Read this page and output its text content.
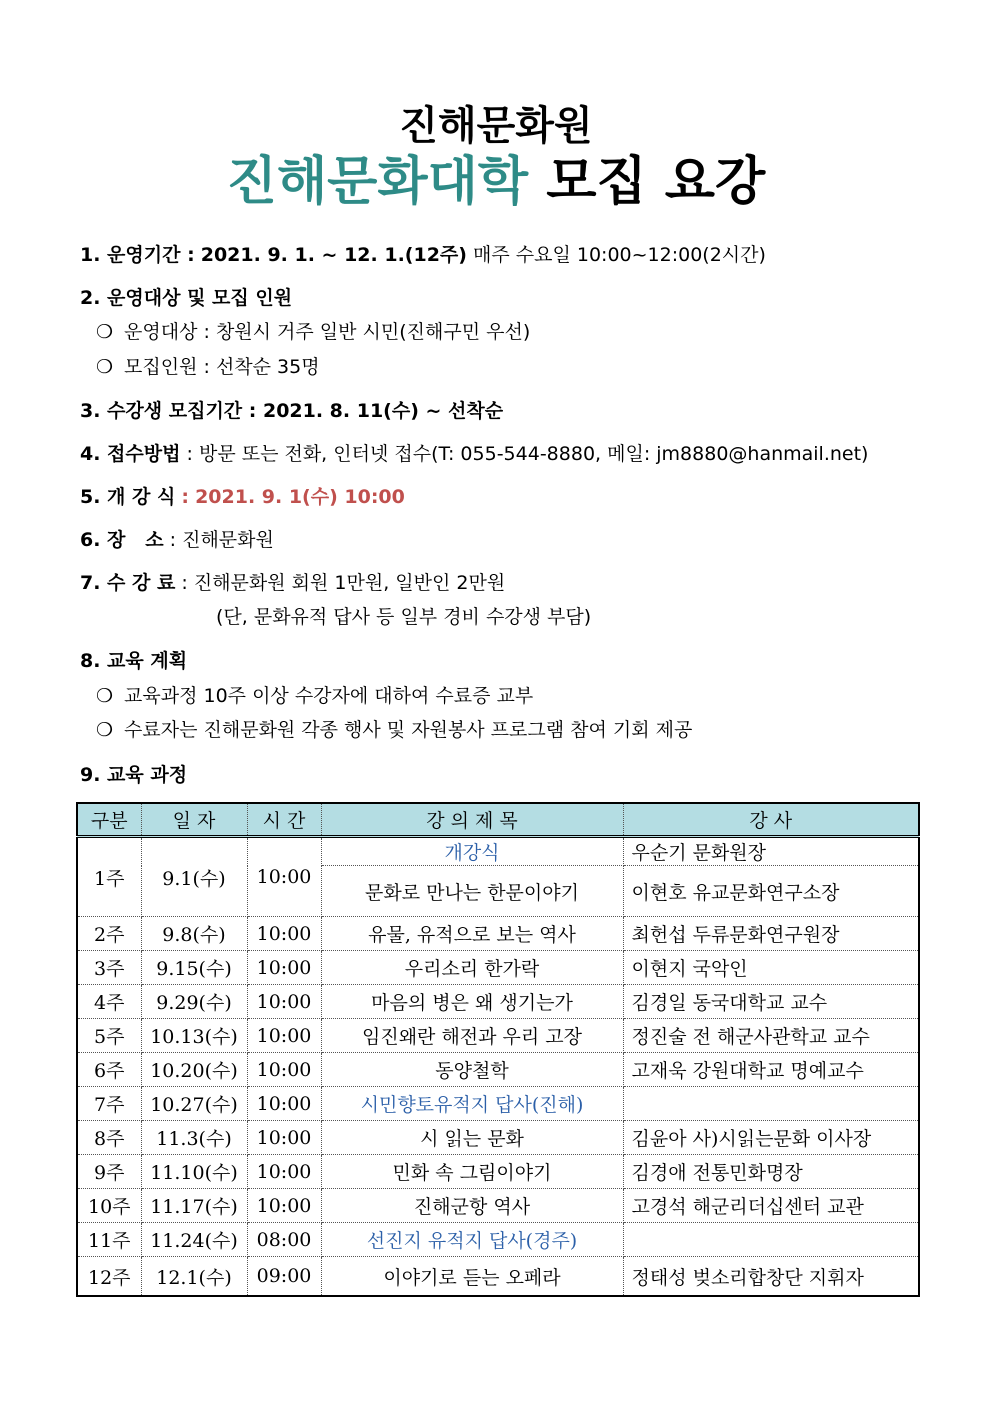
진해문화원
진해문화대학 모집 요강
1. 운영기간 : 2021. 9. 1. ~ 12. 1.(12주) 매주 수요일 10:00~12:00(2시간)
2. 운영대상 및 모집 인원
❍ 운영대상 : 창원시 거주 일반 시민(진해구민 우선)
❍ 모집인원 : 선착순 35명
3. 수강생 모집기간 : 2021. 8. 11(수) ~ 선착순
4. 접수방법 : 방문 또는 전화, 인터넷 접수(T: 055-544-8880, 메일: jm8880@hanmail.net)
5. 개 강 식 : 2021. 9. 1(수) 10:00
6. 장   소 : 진해문화원
7. 수 강 료 : 진해문화원 회원 1만원, 일반인 2만원
(단, 문화유적 답사 등 일부 경비 수강생 부담)
8. 교육 계획
❍ 교육과정 10주 이상 수강자에 대하여 수료증 교부
❍ 수료자는 진해문화원 각종 행사 및 자원봉사 프로그램 참여 기회 제공
9. 교육 과정
구분	일 자	시 간	강 의 제 목	강 사
1주	9.1(수)	10:00	개강식	우순기 문화원장
			문화로 만나는 한문이야기	이현호 유교문화연구소장
2주	9.8(수)	10:00	유물, 유적으로 보는 역사	최헌섭 두류문화연구원장
3주	9.15(수)	10:00	우리소리 한가락	이현지 국악인
4주	9.29(수)	10:00	마음의 병은 왜 생기는가	김경일 동국대학교 교수
5주	10.13(수)	10:00	임진왜란 해전과 우리 고장	정진술 전 해군사관학교 교수
6주	10.20(수)	10:00	동양철학	고재욱 강원대학교 명예교수
7주	10.27(수)	10:00	시민향토유적지 답사(진해)	
8주	11.3(수)	10:00	시 읽는 문화	김윤아 사)시읽는문화 이사장
9주	11.10(수)	10:00	민화 속 그림이야기	김경애 전통민화명장
10주	11.17(수)	10:00	진해군항 역사	고경석 해군리더십센터 교관
11주	11.24(수)	08:00	선진지 유적지 답사(경주)	
12주	12.1(수)	09:00	이야기로 듣는 오페라	정태성 벚소리합창단 지휘자
